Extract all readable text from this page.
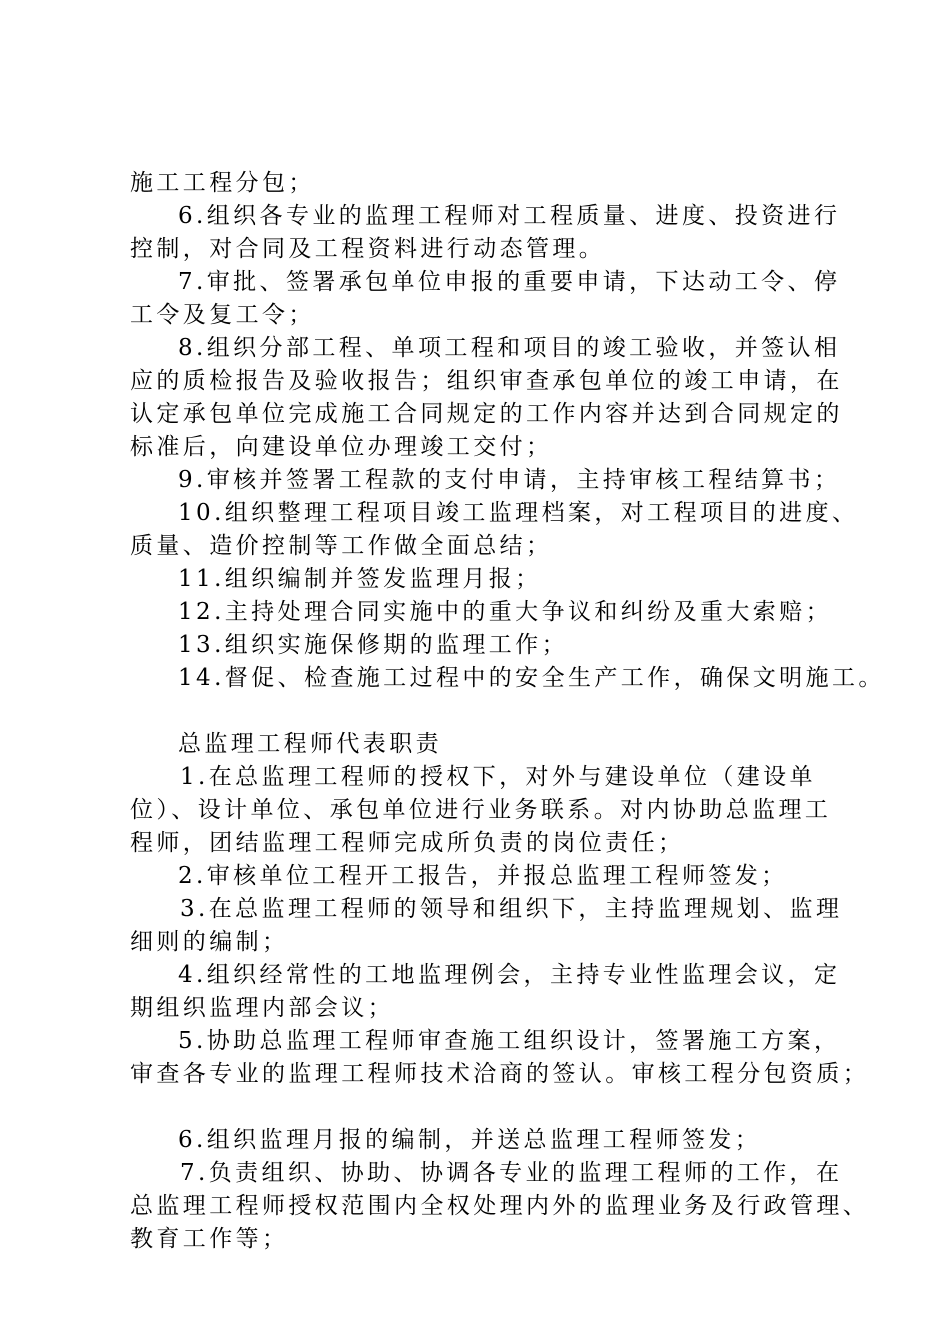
施工工程分包；
6.组织各专业的监理工程师对工程质量、进度、投资进行
控制，对合同及工程资料进行动态管理。
7.审批、签署承包单位申报的重要申请，下达动工令、停
工令及复工令；
8.组织分部工程、单项工程和项目的竣工验收，并签认相
应的质检报告及验收报告；组织审查承包单位的竣工申请，在
认定承包单位完成施工合同规定的工作内容并达到合同规定的
标准后，向建设单位办理竣工交付；
9.审核并签署工程款的支付申请，主持审核工程结算书；
10.组织整理工程项目竣工监理档案，对工程项目的进度、
质量、造价控制等工作做全面总结；
11.组织编制并签发监理月报；
12.主持处理合同实施中的重大争议和纠纷及重大索赔；
13.组织实施保修期的监理工作；
14.督促、检查施工过程中的安全生产工作，确保文明施工。
总监理工程师代表职责
1.在总监理工程师的授权下，对外与建设单位（建设单
位）、设计单位、承包单位进行业务联系。对内协助总监理工
程师，团结监理工程师完成所负责的岗位责任；
2.审核单位工程开工报告，并报总监理工程师签发；
3.在总监理工程师的领导和组织下，主持监理规划、监理
细则的编制；
4.组织经常性的工地监理例会，主持专业性监理会议，定
期组织监理内部会议；
5.协助总监理工程师审查施工组织设计，签署施工方案，
审查各专业的监理工程师技术洽商的签认。审核工程分包资质；
6.组织监理月报的编制，并送总监理工程师签发；
7.负责组织、协助、协调各专业的监理工程师的工作，在
总监理工程师授权范围内全权处理内外的监理业务及行政管理、
教育工作等；
